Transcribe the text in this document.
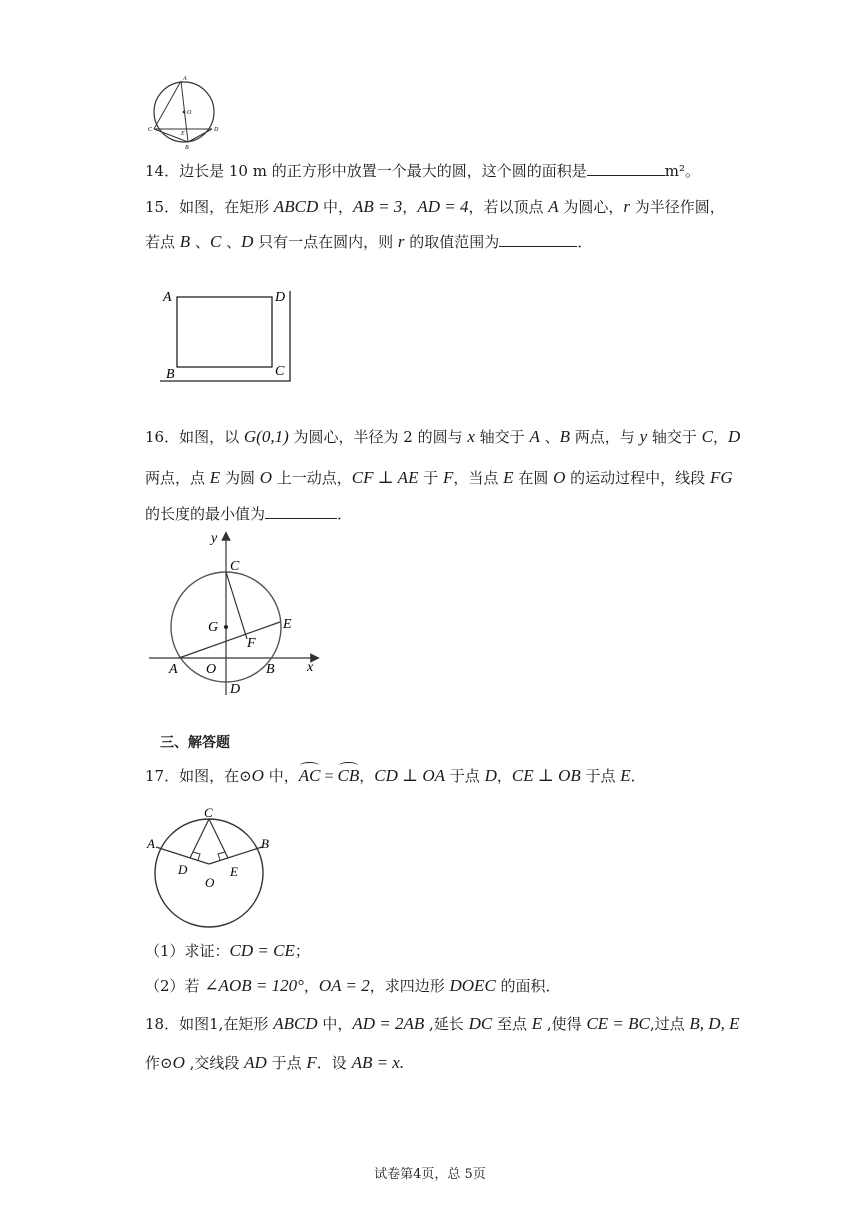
A
O
C
E
D
B
14．边长是 10 m 的正方形中放置一个最大的圆，这个圆的面积是	m²。
15．如图，在矩形 ABCD 中，AB = 3，AD = 4，若以顶点 A 为圆心，r 为半径作圆，
若点 B 、C 、D 只有一点在圆内，则 r 的取值范围为	．
A	D
B	C
16．如图，以 G(0,1) 为圆心，半径为 2 的圆与 x 轴交于 A 、B 两点，与 y 轴交于 C，D
两点，点 E 为圆 O 上一动点，CF ⊥ AE 于 F，当点 E 在圆 O 的运动过程中，线段 FG
的长度的最小值为	．
y
C
G	E
F
A O	B x
D
三、解答题
17．如图，在⊙O 中，AC = CB，CD ⊥ OA 于点 D，CE ⊥ OB 于点 E．
C
A	B
D
O
E
（1）求证：CD = CE；
（2）若 ∠AOB = 120°，OA = 2，求四边形 DOEC 的面积．
18．如图1,在矩形 ABCD 中，AD = 2AB ,延长 DC 至点 E ,使得 CE = BC,过点 B, D, E
作⊙O ,交线段 AD 于点 F．设 AB = x.
试卷第4页，总 5页
